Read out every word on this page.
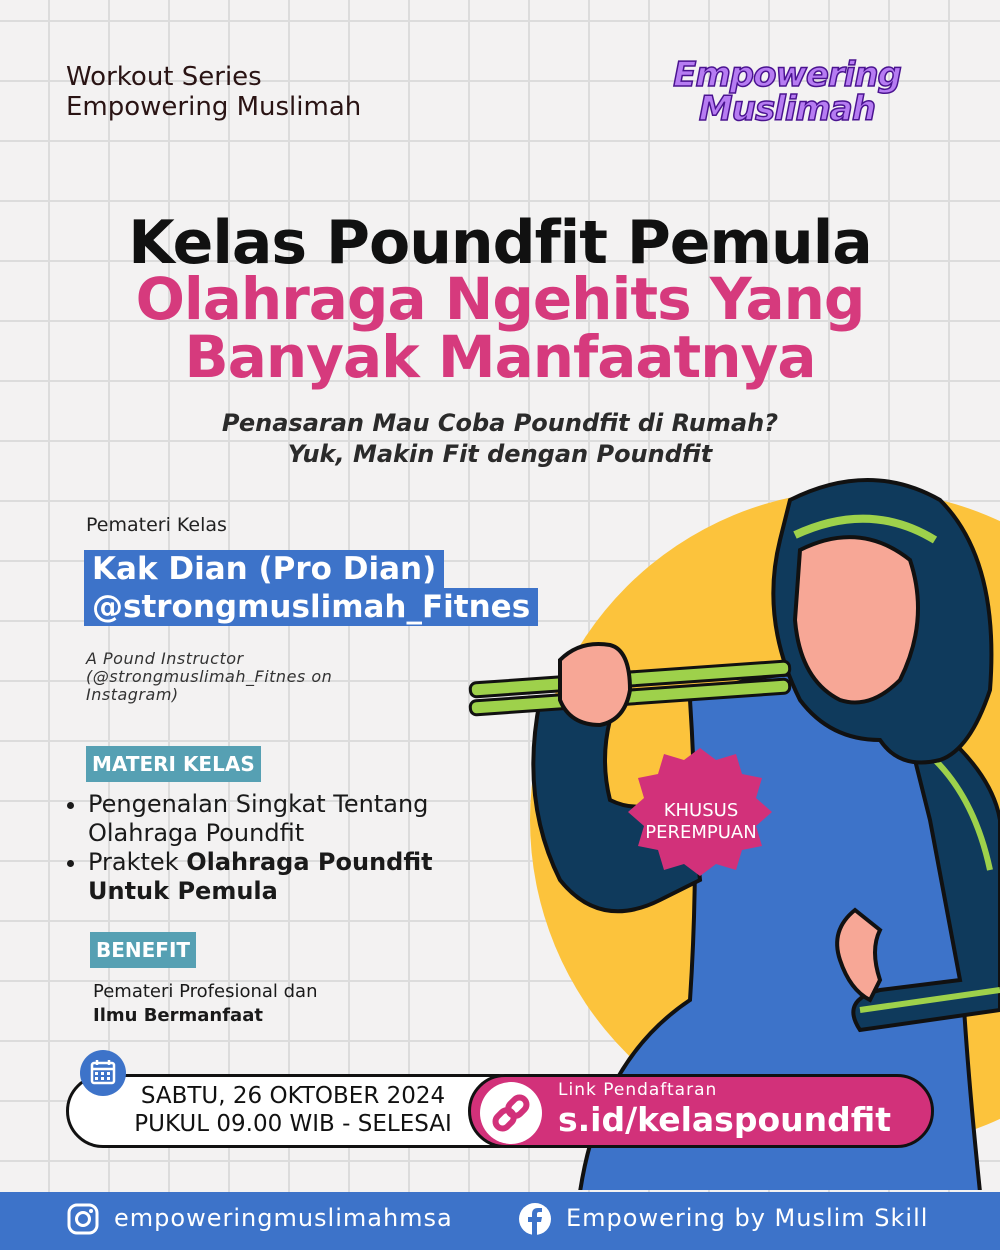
Workout Series
Empowering Muslimah
Empowering
Muslimah
Kelas Poundfit Pemula
Olahraga Ngehits Yang
Banyak Manfaatnya
Penasaran Mau Coba Poundfit di Rumah?
Yuk, Makin Fit dengan Poundfit
KHUSUS
PEREMPUAN
Pemateri Kelas
Kak Dian (Pro Dian)
@strongmuslimah_Fitnes
A Pound Instructor
(@strongmuslimah_Fitnes on
Instagram)
MATERI KELAS
• Pengenalan Singkat Tentang Olahraga Poundfit
• Praktek Olahraga Poundfit Untuk Pemula
BENEFIT
Pemateri Profesional dan
Ilmu Bermanfaat
SABTU, 26 OKTOBER 2024
PUKUL 09.00 WIB - SELESAI
Link Pendaftaran
s.id/kelaspoundfit
empoweringmuslimahmsa	Empowering by Muslim Skill
